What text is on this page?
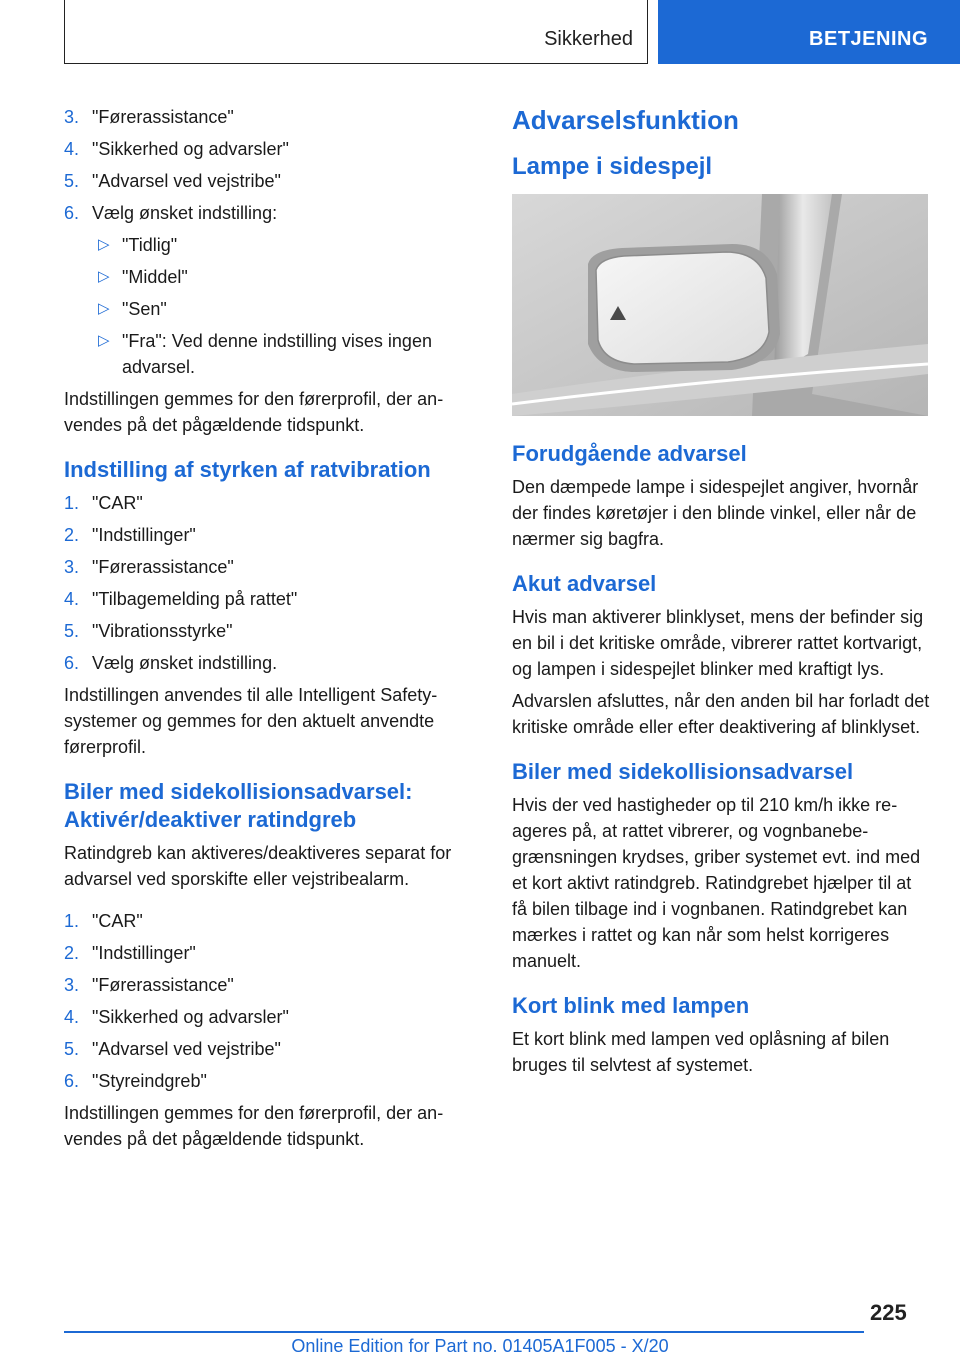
Sikkerhed	BETJENING
3. "Førerassistance"
4. "Sikkerhed og advarsler"
5. "Advarsel ved vejstribe"
6. Vælg ønsket indstilling:
▷ "Tidlig"
▷ "Middel"
▷ "Sen"
▷ "Fra": Ved denne indstilling vises ingen advarsel.

Indstillingen gemmes for den førerprofil, der anvendes på det pågældende tidspunkt.

Indstilling af styrken af ratvibration
1. "CAR"
2. "Indstillinger"
3. "Førerassistance"
4. "Tilbagemelding på rattet"
5. "Vibrationsstyrke"
6. Vælg ønsket indstilling.

Indstillingen anvendes til alle Intelligent Safety-systemer og gemmes for den aktuelt anvendte førerprofil.

Biler med sidekollisionsadvarsel: Aktivér/deaktiver ratindgreb

Ratindgreb kan aktiveres/deaktiveres separat for advarsel ved sporskifte eller vejstribealarm.

1. "CAR"
2. "Indstillinger"
3. "Førerassistance"
4. "Sikkerhed og advarsler"
5. "Advarsel ved vejstribe"
6. "Styreindgreb"

Indstillingen gemmes for den førerprofil, der anvendes på det pågældende tidspunkt.

Advarselsfunktion
Lampe i sidespejl
Forudgående advarsel

Den dæmpede lampe i sidespejlet angiver, hvornår der findes køretøjer i den blinde vinkel, eller når de nærmer sig bagfra.

Akut advarsel

Hvis man aktiverer blinklyset, mens der befinder sig en bil i det kritiske område, vibrerer rattet kortvarigt, og lampen i sidespejlet blinker med kraftigt lys.

Advarslen afsluttes, når den anden bil har forladt det kritiske område eller efter deaktivering af blinklyset.

Biler med sidekollisionsadvarsel

Hvis der ved hastigheder op til 210 km/h ikke reageres på, at rattet vibrerer, og vognbanebegrænsningen krydses, griber systemet evt. ind med et kort aktivt ratindgreb. Ratindgrebet hjælper til at få bilen tilbage ind i vognbanen. Ratindgrebet kan mærkes i rattet og kan når som helst korrigeres manuelt.

Kort blink med lampen

Et kort blink med lampen ved oplåsning af bilen bruges til selvtest af systemet.

225
Online Edition for Part no. 01405A1F005 - X/20
